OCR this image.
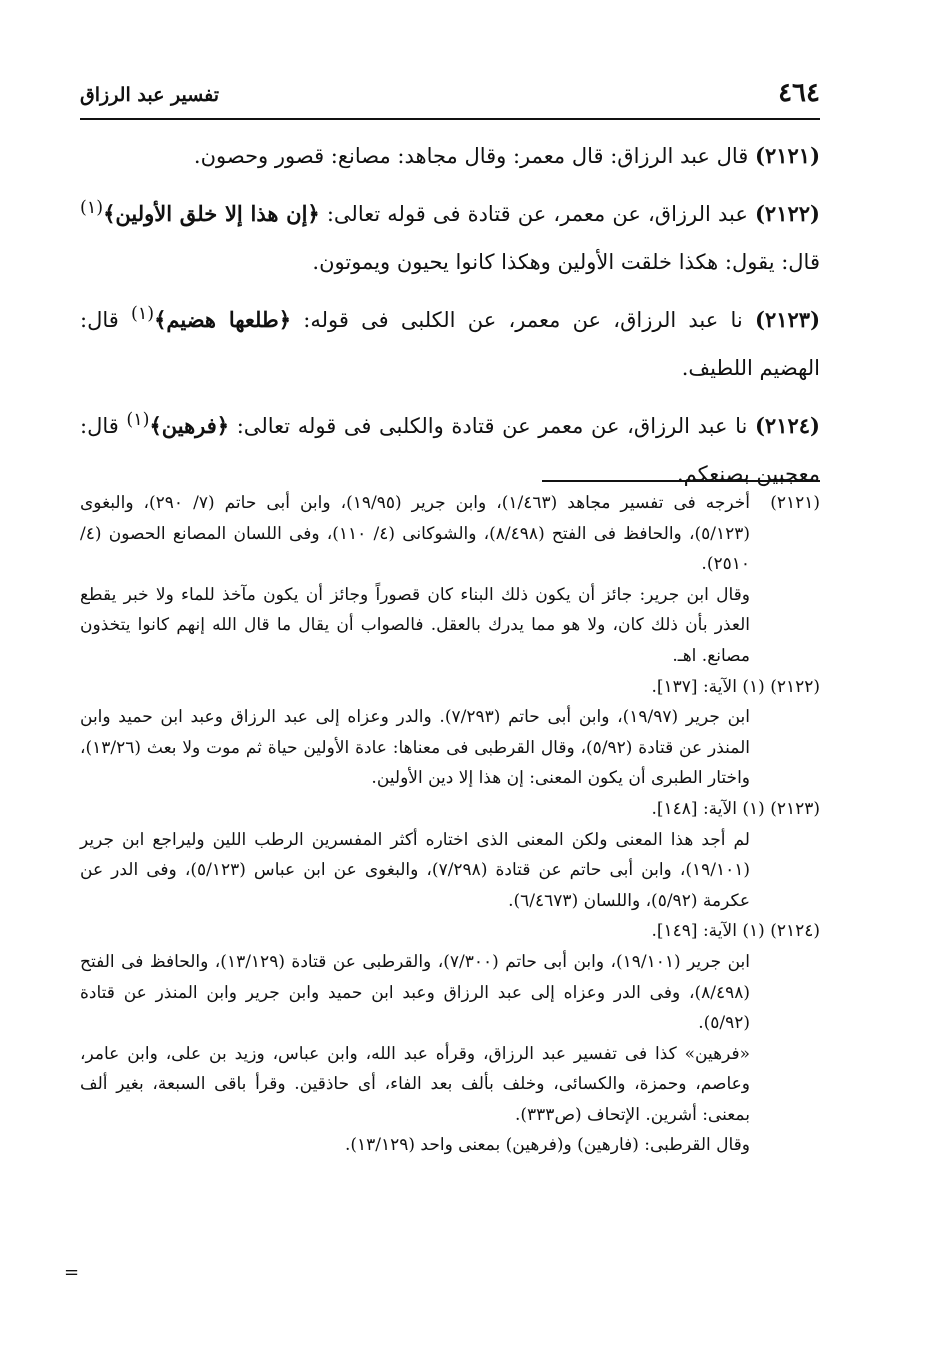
٤٦٤
تفسير عبد الرزاق

(٢١٢١) قال عبد الرزاق: قال معمر: وقال مجاهد: مصانع: قصور وحصون.

(٢١٢٢) عبد الرزاق، عن معمر، عن قتادة فى قوله تعالى: ﴿إن هذا إلا خلق الأولين﴾$^{(١)}$ قال: يقول: هكذا خلقت الأولين وهكذا كانوا يحيون ويموتون.

(٢١٢٣) نا عبد الرزاق، عن معمر، عن الكلبى فى قوله: ﴿طلعها هضيم﴾$^{(١)}$ قال: الهضيم اللطيف.

(٢١٢٤) نا عبد الرزاق، عن معمر عن قتادة والكلبى فى قوله تعالى: ﴿فرهين﴾$^{(١)}$ قال: معجبين بصنعكم.

(٢١٢١)

أخرجه فى تفسير مجاهد (١/٤٦٣)، وابن جرير (١٩/٩٥)، وابن أبى حاتم (٧/ ٢٩٠)، والبغوى (٥/١٢٣)، والحافظ فى الفتح (٨/٤٩٨)، والشوكانى (٤/ ١١٠)، وفى اللسان المصانع الحصون (٤/ ٢٥١٠).

وقال ابن جرير: جائز أن يكون ذلك البناء كان قصوراً وجائز أن يكون مآخذ للماء ولا خبر يقطع العذر بأن ذلك كان، ولا هو مما يدرك بالعقل. فالصواب أن يقال ما قال الله إنهم كانوا يتخذون مصانع. اهـ.

(٢١٢٢) (١) الآية: [١٣٧].

ابن جرير (١٩/٩٧)، وابن أبى حاتم (٧/٢٩٣). والدر وعزاه إلى عبد الرزاق وعبد ابن حميد وابن المنذر عن قتادة (٥/٩٢)، وقال القرطبى فى معناها: عادة الأولين حياة ثم موت ولا بعث (١٣/٢٦)، واختار الطبرى أن يكون المعنى: إن هذا إلا دين الأولين.

(٢١٢٣) (١) الآية: [١٤٨].

لم أجد هذا المعنى ولكن المعنى الذى اختاره أكثر المفسرين الرطب اللين وليراجع ابن جرير (١٩/١٠١)، وابن أبى حاتم عن قتادة (٧/٢٩٨)، والبغوى عن ابن عباس (٥/١٢٣)، وفى الدر عن عكرمة (٥/٩٢)، واللسان (٦/٤٦٧٣).

(٢١٢٤) (١) الآية: [١٤٩].

ابن جرير (١٩/١٠١)، وابن أبى حاتم (٧/٣٠٠)، والقرطبى عن قتادة (١٣/١٢٩)، والحافظ فى الفتح (٨/٤٩٨)، وفى الدر وعزاه إلى عبد الرزاق وعبد ابن حميد وابن جرير وابن المنذر عن قتادة (٥/٩٢).

«فرهين» كذا فى تفسير عبد الرزاق، وقرأه عبد الله، وابن عباس، وزيد بن على، وابن عامر، وعاصم، وحمزة، والكسائى، وخلف بألف بعد الفاء، أى حاذقين. وقرأ باقى السبعة، بغير ألف بمعنى: أشرين. الإتحاف (ص٣٣٣).

وقال القرطبى: (فارهين) و(فرهين) بمعنى واحد (١٣/١٢٩).

=
